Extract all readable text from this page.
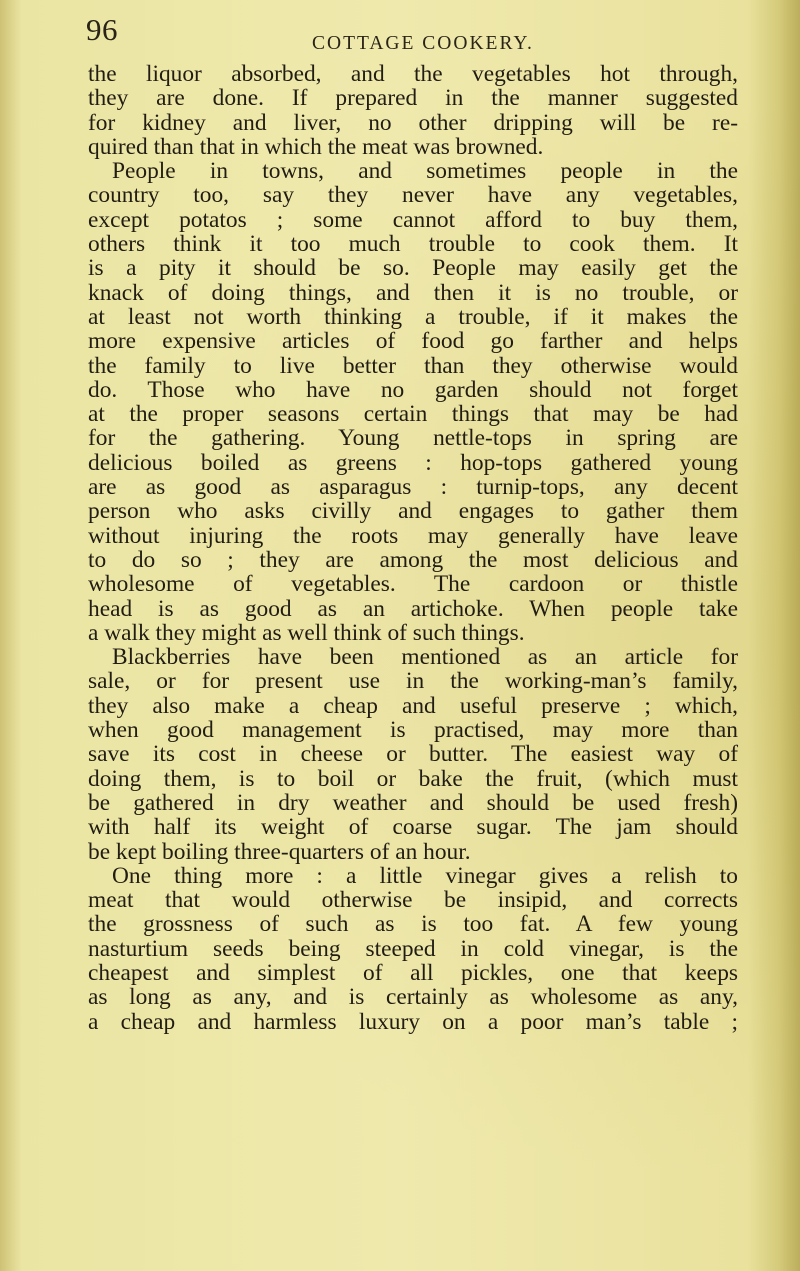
96	COTTAGE COOKERY.
the liquor absorbed, and the vegetables hot through,
they are done. If prepared in the manner suggested
for kidney and liver, no other dripping will be re-
quired than that in which the meat was browned.
People in towns, and sometimes people in the
country too, say they never have any vegetables,
except potatos ; some cannot afford to buy them,
others think it too much trouble to cook them. It
is a pity it should be so. People may easily get the
knack of doing things, and then it is no trouble, or
at least not worth thinking a trouble, if it makes the
more expensive articles of food go farther and helps
the family to live better than they otherwise would
do. Those who have no garden should not forget
at the proper seasons certain things that may be had
for the gathering. Young nettle-tops in spring are
delicious boiled as greens : hop-tops gathered young
are as good as asparagus : turnip-tops, any decent
person who asks civilly and engages to gather them
without injuring the roots may generally have leave
to do so ; they are among the most delicious and
wholesome of vegetables. The cardoon or thistle
head is as good as an artichoke. When people take
a walk they might as well think of such things.
Blackberries have been mentioned as an article for
sale, or for present use in the working-man’s family,
they also make a cheap and useful preserve ; which,
when good management is practised, may more than
save its cost in cheese or butter. The easiest way of
doing them, is to boil or bake the fruit, (which must
be gathered in dry weather and should be used fresh)
with half its weight of coarse sugar. The jam should
be kept boiling three-quarters of an hour.
One thing more : a little vinegar gives a relish to
meat that would otherwise be insipid, and corrects
the grossness of such as is too fat. A few young
nasturtium seeds being steeped in cold vinegar, is the
cheapest and simplest of all pickles, one that keeps
as long as any, and is certainly as wholesome as any,
a cheap and harmless luxury on a poor man’s table ;
